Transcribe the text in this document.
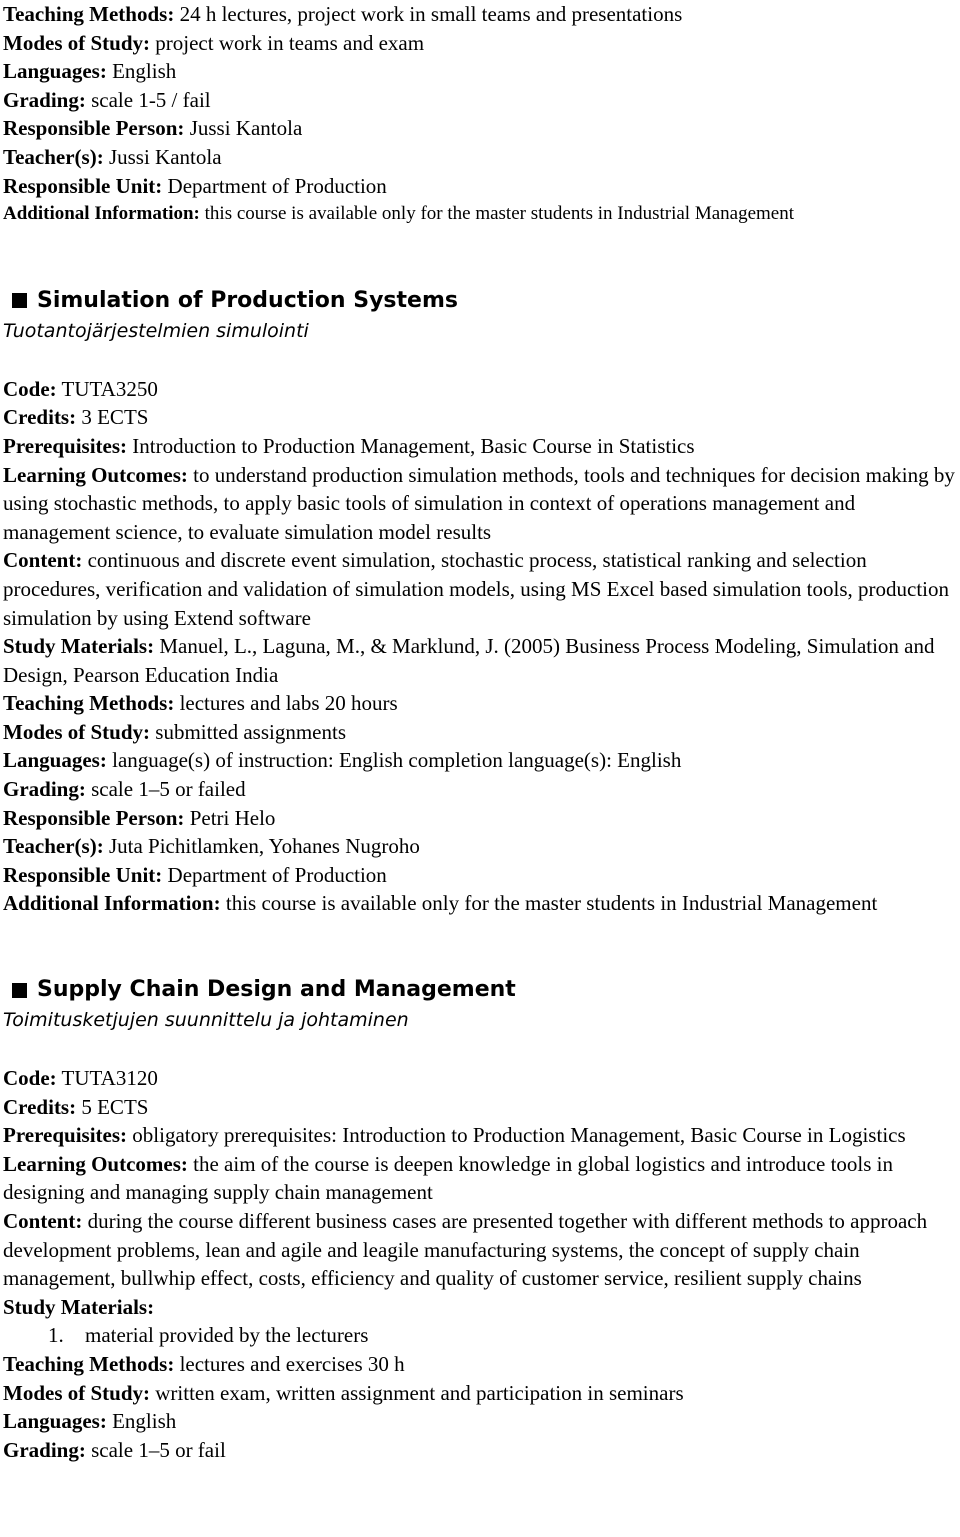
Teaching Methods: 24 h lectures, project work in small teams and presentations
Modes of Study: project work in teams and exam
Languages: English
Grading: scale 1-5 / fail
Responsible Person: Jussi Kantola
Teacher(s): Jussi Kantola
Responsible Unit: Department of Production
Additional Information: this course is available only for the master students in Industrial Management
Simulation of Production Systems
Tuotantojärjestelmien simulointi
Code: TUTA3250
Credits: 3 ECTS
Prerequisites: Introduction to Production Management, Basic Course in Statistics
Learning Outcomes: to understand production simulation methods, tools and techniques for decision making by using stochastic methods, to apply basic tools of simulation in context of operations management and management science, to evaluate simulation model results
Content: continuous and discrete event simulation, stochastic process, statistical ranking and selection procedures, verification and validation of simulation models, using MS Excel based simulation tools, production simulation by using Extend software
Study Materials: Manuel, L., Laguna, M., & Marklund, J. (2005) Business Process Modeling, Simulation and Design, Pearson Education India
Teaching Methods: lectures and labs 20 hours
Modes of Study: submitted assignments
Languages: language(s) of instruction: English completion language(s): English
Grading: scale 1–5 or failed
Responsible Person: Petri Helo
Teacher(s): Juta Pichitlamken, Yohanes Nugroho
Responsible Unit: Department of Production
Additional Information: this course is available only for the master students in Industrial Management
Supply Chain Design and Management
Toimitusketjujen suunnittelu ja johtaminen
Code: TUTA3120
Credits: 5 ECTS
Prerequisites: obligatory prerequisites: Introduction to Production Management, Basic Course in Logistics
Learning Outcomes: the aim of the course is deepen knowledge in global logistics and introduce tools in designing and managing supply chain management
Content: during the course different business cases are presented together with different methods to approach development problems, lean and agile and leagile manufacturing systems, the concept of supply chain management, bullwhip effect, costs, efficiency and quality of customer service, resilient supply chains
Study Materials:
1. material provided by the lecturers
Teaching Methods: lectures and exercises 30 h
Modes of Study: written exam, written assignment and participation in seminars
Languages: English
Grading: scale 1–5 or fail
